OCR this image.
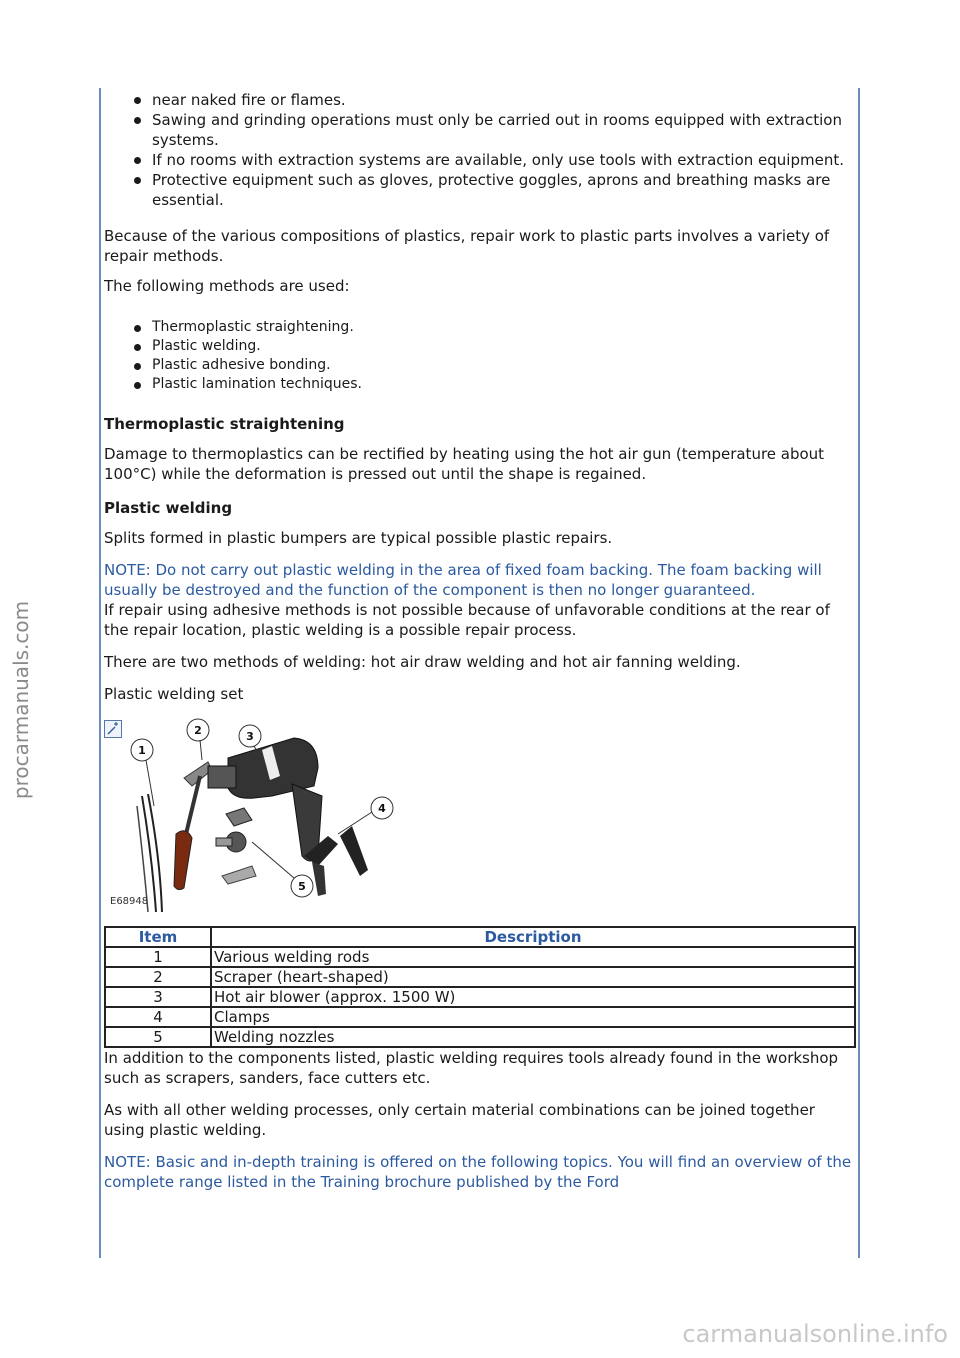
procarmanuals.com
near naked fire or flames.
Sawing and grinding operations must only be carried out in rooms equipped with extraction systems.
If no rooms with extraction systems are available, only use tools with extraction equipment.
Protective equipment such as gloves, protective goggles, aprons and breathing masks are essential.

Because of the various compositions of plastics, repair work to plastic parts involves a variety of repair methods.

The following methods are used:

Thermoplastic straightening.
Plastic welding.
Plastic adhesive bonding.
Plastic lamination techniques.
Thermoplastic straightening

Damage to thermoplastics can be rectified by heating using the hot air gun (temperature about 100°C) while the deformation is pressed out until the shape is regained.

Plastic welding

Splits formed in plastic bumpers are typical possible plastic repairs.

NOTE: Do not carry out plastic welding in the area of fixed foam backing. The foam backing will usually be destroyed and the function of the component is then no longer guaranteed.

If repair using adhesive methods is not possible because of unfavorable conditions at the rear of the repair location, plastic welding is a possible repair process.

There are two methods of welding: hot air draw welding and hot air fanning welding.

Plastic welding set

1
2	3
4
5
E68948
Item	Description
1	Various welding rods
2	Scraper (heart-shaped)
3	Hot air blower (approx. 1500 W)
4	Clamps
5	Welding nozzles

In addition to the components listed, plastic welding requires tools already found in the workshop such as scrapers, sanders, face cutters etc.

As with all other welding processes, only certain material combinations can be joined together using plastic welding.

NOTE: Basic and in-depth training is offered on the following topics. You will find an overview of the complete range listed in the Training brochure published by the Ford

carmanualsonline.info
